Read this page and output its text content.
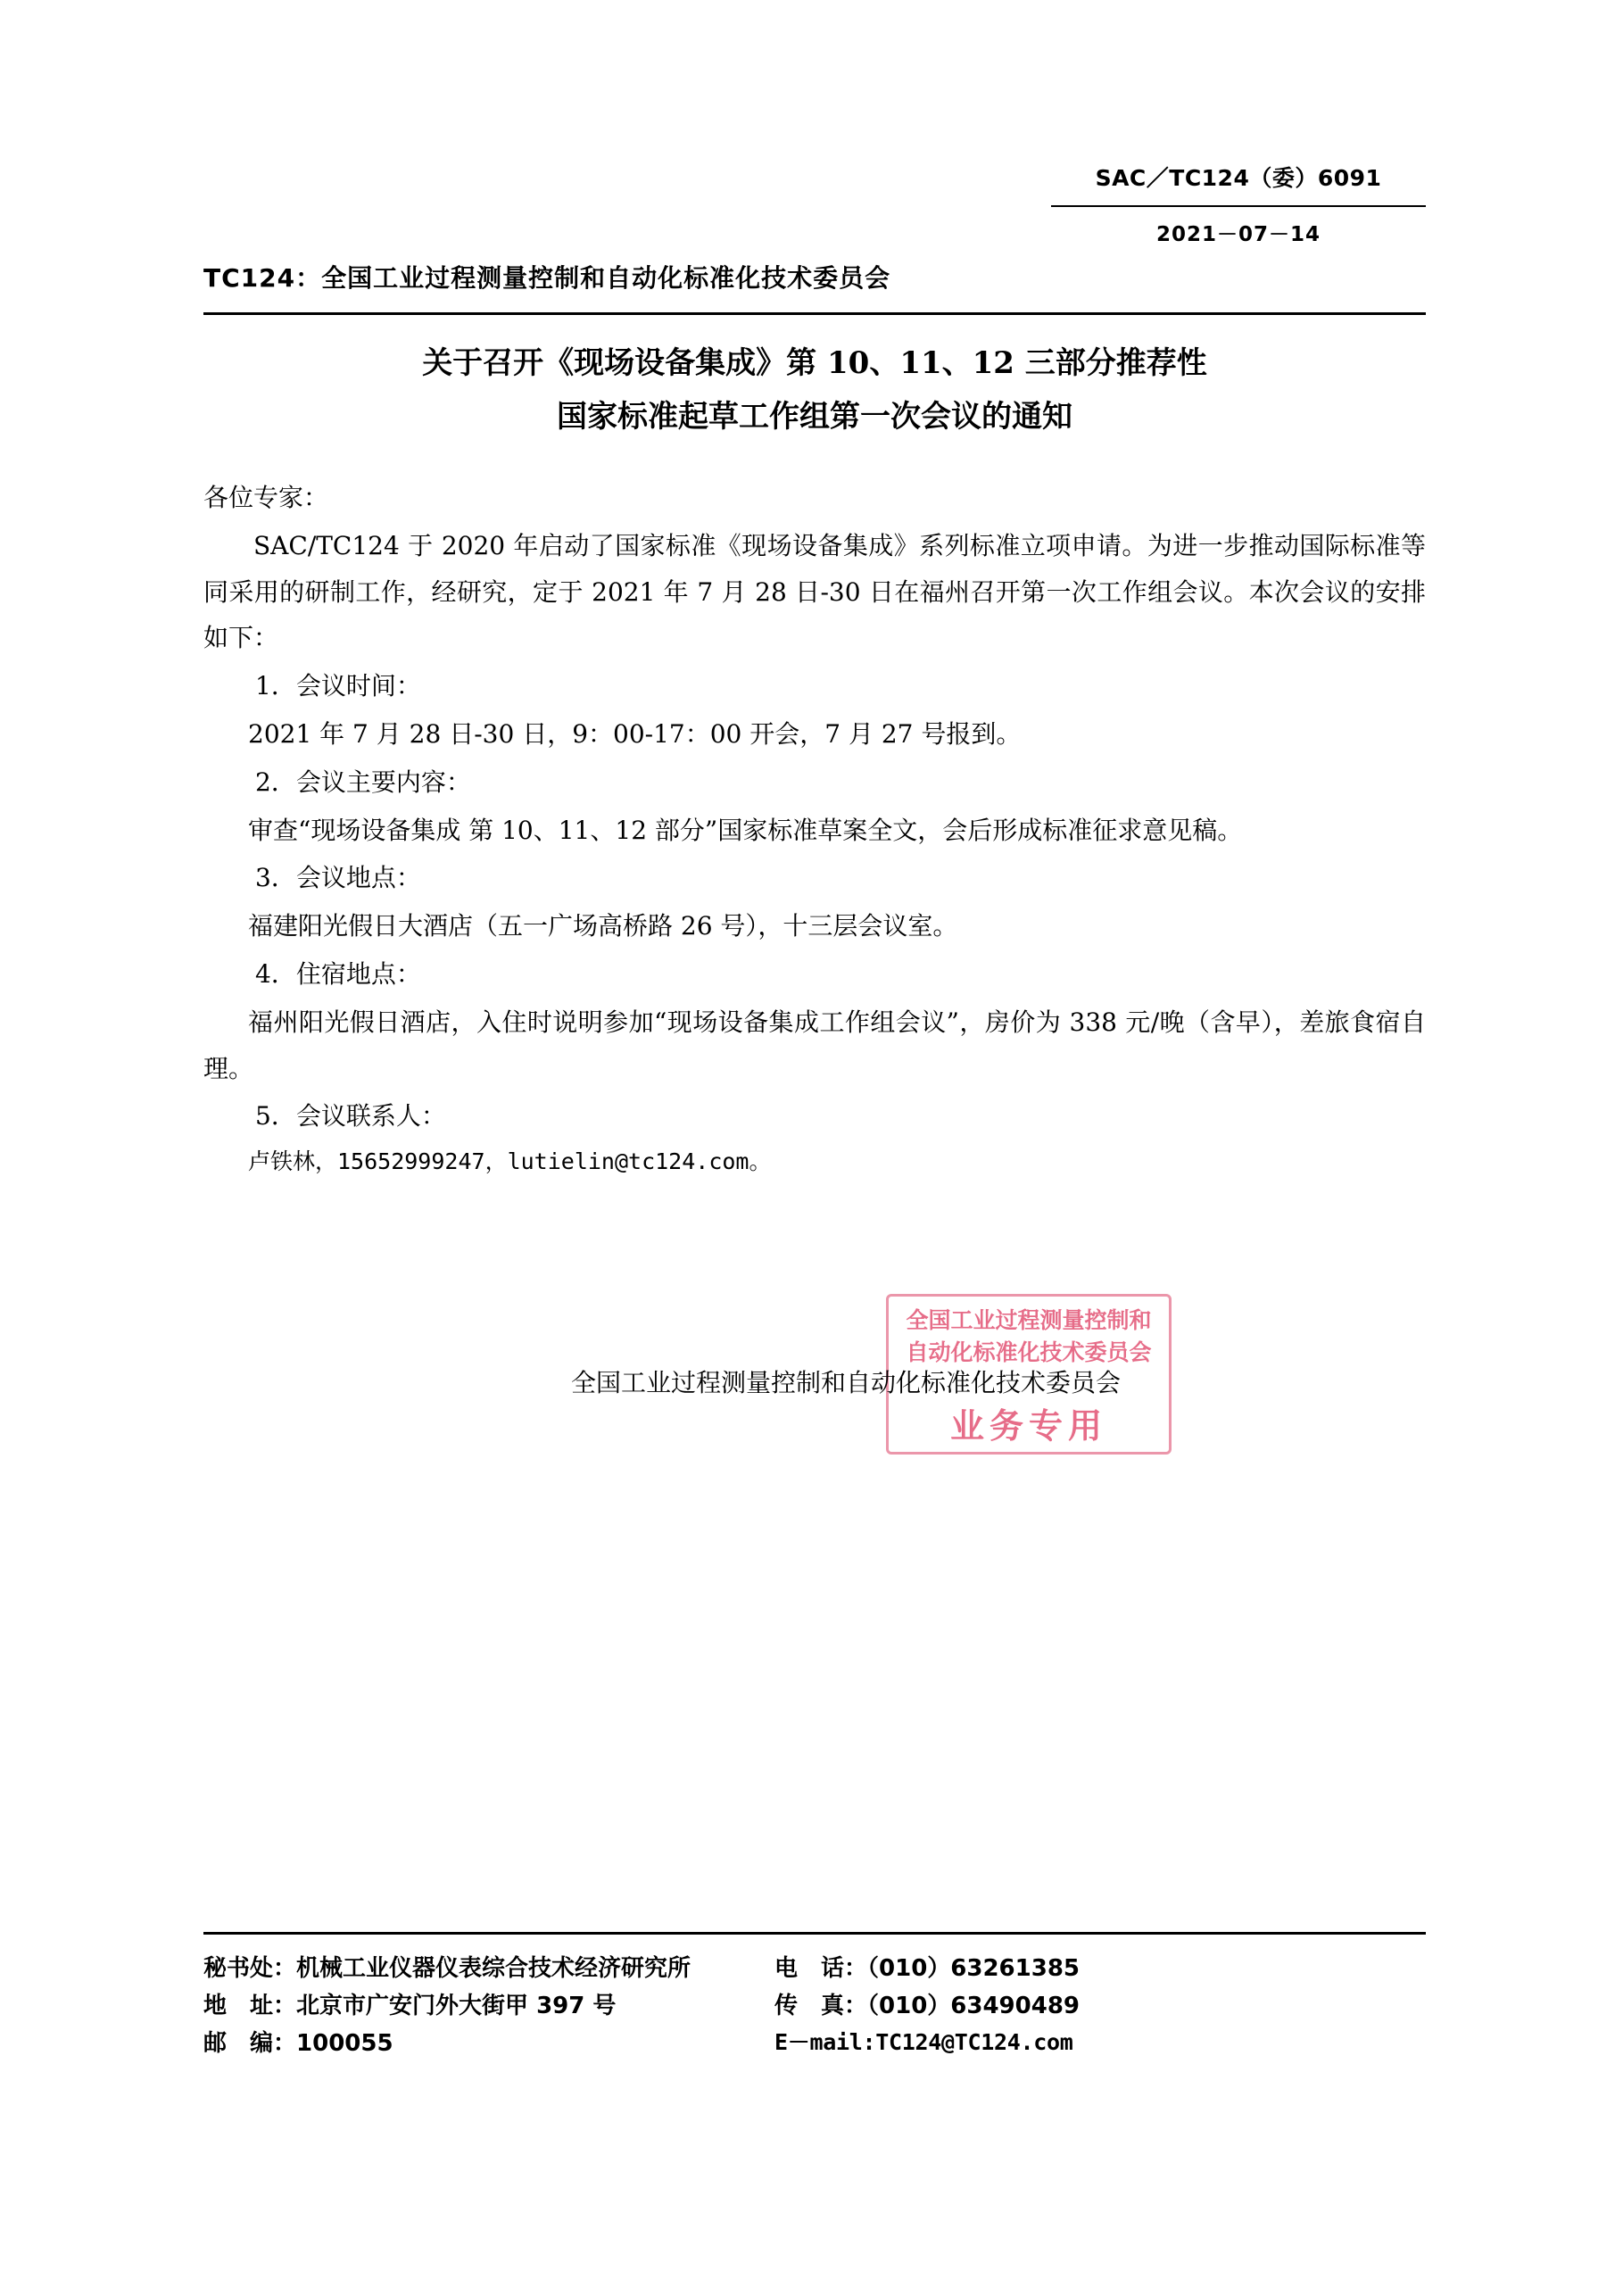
SAC／TC124（委）6091
2021－07－14
TC124：全国工业过程测量控制和自动化标准化技术委员会
关于召开《现场设备集成》第 10、11、12 三部分推荐性
国家标准起草工作组第一次会议的通知

各位专家：

SAC/TC124 于 2020 年启动了国家标准《现场设备集成》系列标准立项申请。为进一步推动国际标准等同采用的研制工作，经研究，定于 2021 年 7 月 28 日-30 日在福州召开第一次工作组会议。本次会议的安排如下：

1．会议时间：

2021 年 7 月 28 日-30 日，9：00-17：00 开会，7 月 27 号报到。

2．会议主要内容：

审查“现场设备集成 第 10、11、12 部分”国家标准草案全文，会后形成标准征求意见稿。

3．会议地点：

福建阳光假日大酒店（五一广场高桥路 26 号），十三层会议室。

4．住宿地点：

福州阳光假日酒店，入住时说明参加“现场设备集成工作组会议”，房价为 338 元/晚（含早），差旅食宿自理。

5．会议联系人：

卢铁林，15652999247，lutielin@tc124.com。

全国工业过程测量控制和
自动化标准化技术委员会
业务专用
全国工业过程测量控制和自动化标准化技术委员会
秘书处：机械工业仪器仪表综合技术经济研究所	电　话：（010）63261385
地　址：北京市广安门外大街甲 397 号	传　真：（010）63490489
邮　编：100055	E－mail:TC124@TC124.com
